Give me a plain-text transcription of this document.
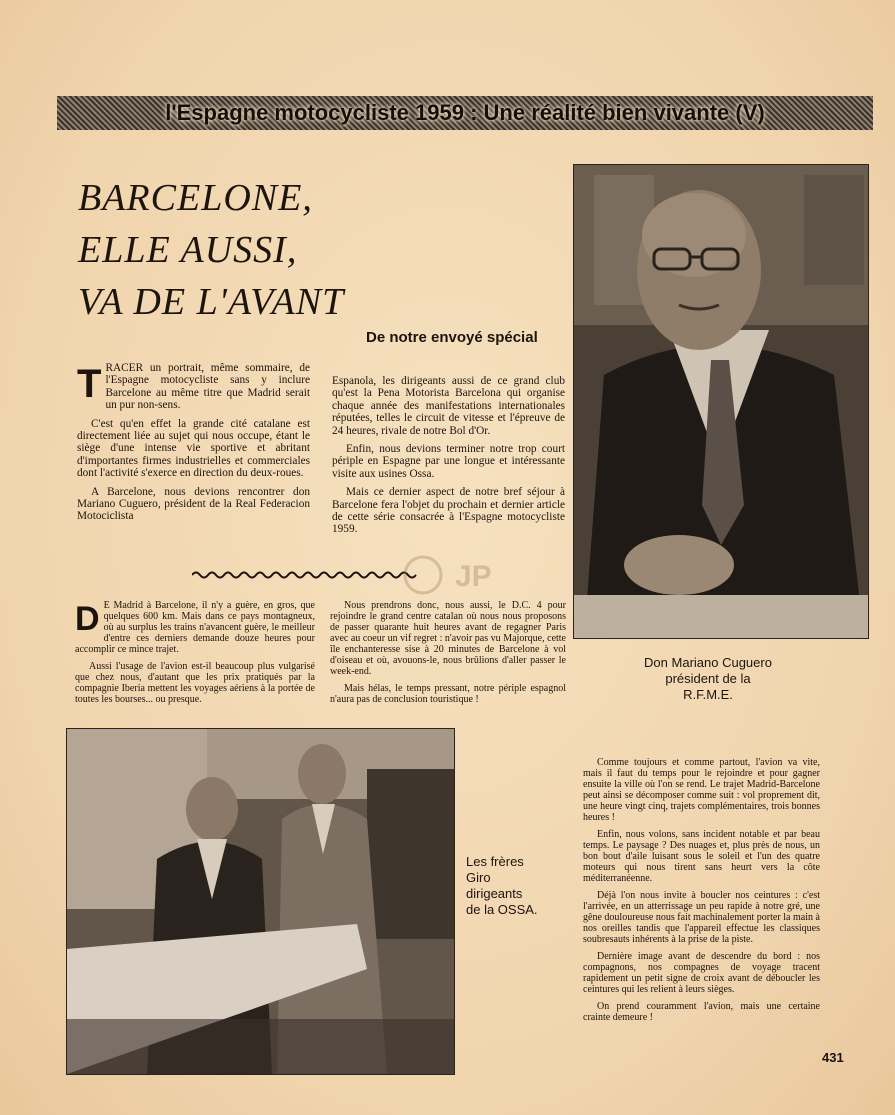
l'Espagne motocycliste 1959 : Une réalité bien vivante (V)
BARCELONE,
ELLE AUSSI,
VA DE L'AVANT
De notre envoyé spécial

TRACER un portrait, même sommaire, de l'Espagne motocycliste sans y inclure Barcelone au même titre que Madrid serait un pur non-sens.

C'est qu'en effet la grande cité catalane est directement liée au sujet qui nous occupe, étant le siège d'une intense vie sportive et abritant d'importantes firmes industrielles et commerciales dont l'activité s'exerce en direction du deux-roues.

A Barcelone, nous devions rencontrer don Mariano Cuguero, président de la Real Federacion Motociclista

Espanola, les dirigeants aussi de ce grand club qu'est la Pena Motorista Barcelona qui organise chaque année des manifestations internationales réputées, telles le circuit de vitesse et l'épreuve de 24 heures, rivale de notre Bol d'Or.

Enfin, nous devions terminer notre trop court périple en Espagne par une longue et intéressante visite aux usines Ossa.

Mais ce dernier aspect de notre bref séjour à Barcelone fera l'objet du prochain et dernier article de cette série consacrée à l'Espagne motocycliste 1959.

JP

D E Madrid à Barcelone, il n'y a guère, en gros, que quelques 600 km. Mais dans ce pays montagneux, où au surplus les trains n'avancent guère, le meilleur d'entre ces derniers demande douze heures pour accomplir ce mince trajet.

Aussi l'usage de l'avion est-il beaucoup plus vulgarisé que chez nous, d'autant que les prix pratiqués par la compagnie Iberia mettent les voyages aériens à la portée de toutes les bourses... ou presque.

Nous prendrons donc, nous aussi, le D.C. 4 pour rejoindre le grand centre catalan où nous nous proposons de passer quarante huit heures avant de regagner Paris avec au coeur un vif regret : n'avoir pas vu Majorque, cette île enchanteresse sise à 20 minutes de Barcelone à vol d'oiseau et où, avouons-le, nous brûlions d'aller passer le week-end.

Mais hélas, le temps pressant, notre périple espagnol n'aura pas de conclusion touristique !

Don Mariano Cuguero
président de la
R.F.M.E.
Les frères
Giro
dirigeants
de la OSSA.

Comme toujours et comme partout, l'avion va vite, mais il faut du temps pour le rejoindre et pour gagner ensuite la ville où l'on se rend. Le trajet Madrid-Barcelone peut ainsi se décomposer comme suit : vol proprement dit, une heure vingt cinq, trajets complémentaires, trois bonnes heures !

Enfin, nous volons, sans incident notable et par beau temps. Le paysage ? Des nuages et, plus près de nous, un bon bout d'aile luisant sous le soleil et l'un des quatre moteurs qui nous tirent sans heurt vers la côte méditerranéenne.

Déjà l'on nous invite à boucler nos ceintures : c'est l'arrivée, en un atterrissage un peu rapide à notre gré, une gêne douloureuse nous fait machinalement porter la main à nos oreilles tandis que l'appareil effectue les classiques soubresauts inhérents à la prise de la piste.

Dernière image avant de descendre du bord : nos compagnons, nos compagnes de voyage tracent rapidement un petit signe de croix avant de déboucler les ceintures qui les relient à leurs sièges.

On prend couramment l'avion, mais une certaine crainte demeure !

431
